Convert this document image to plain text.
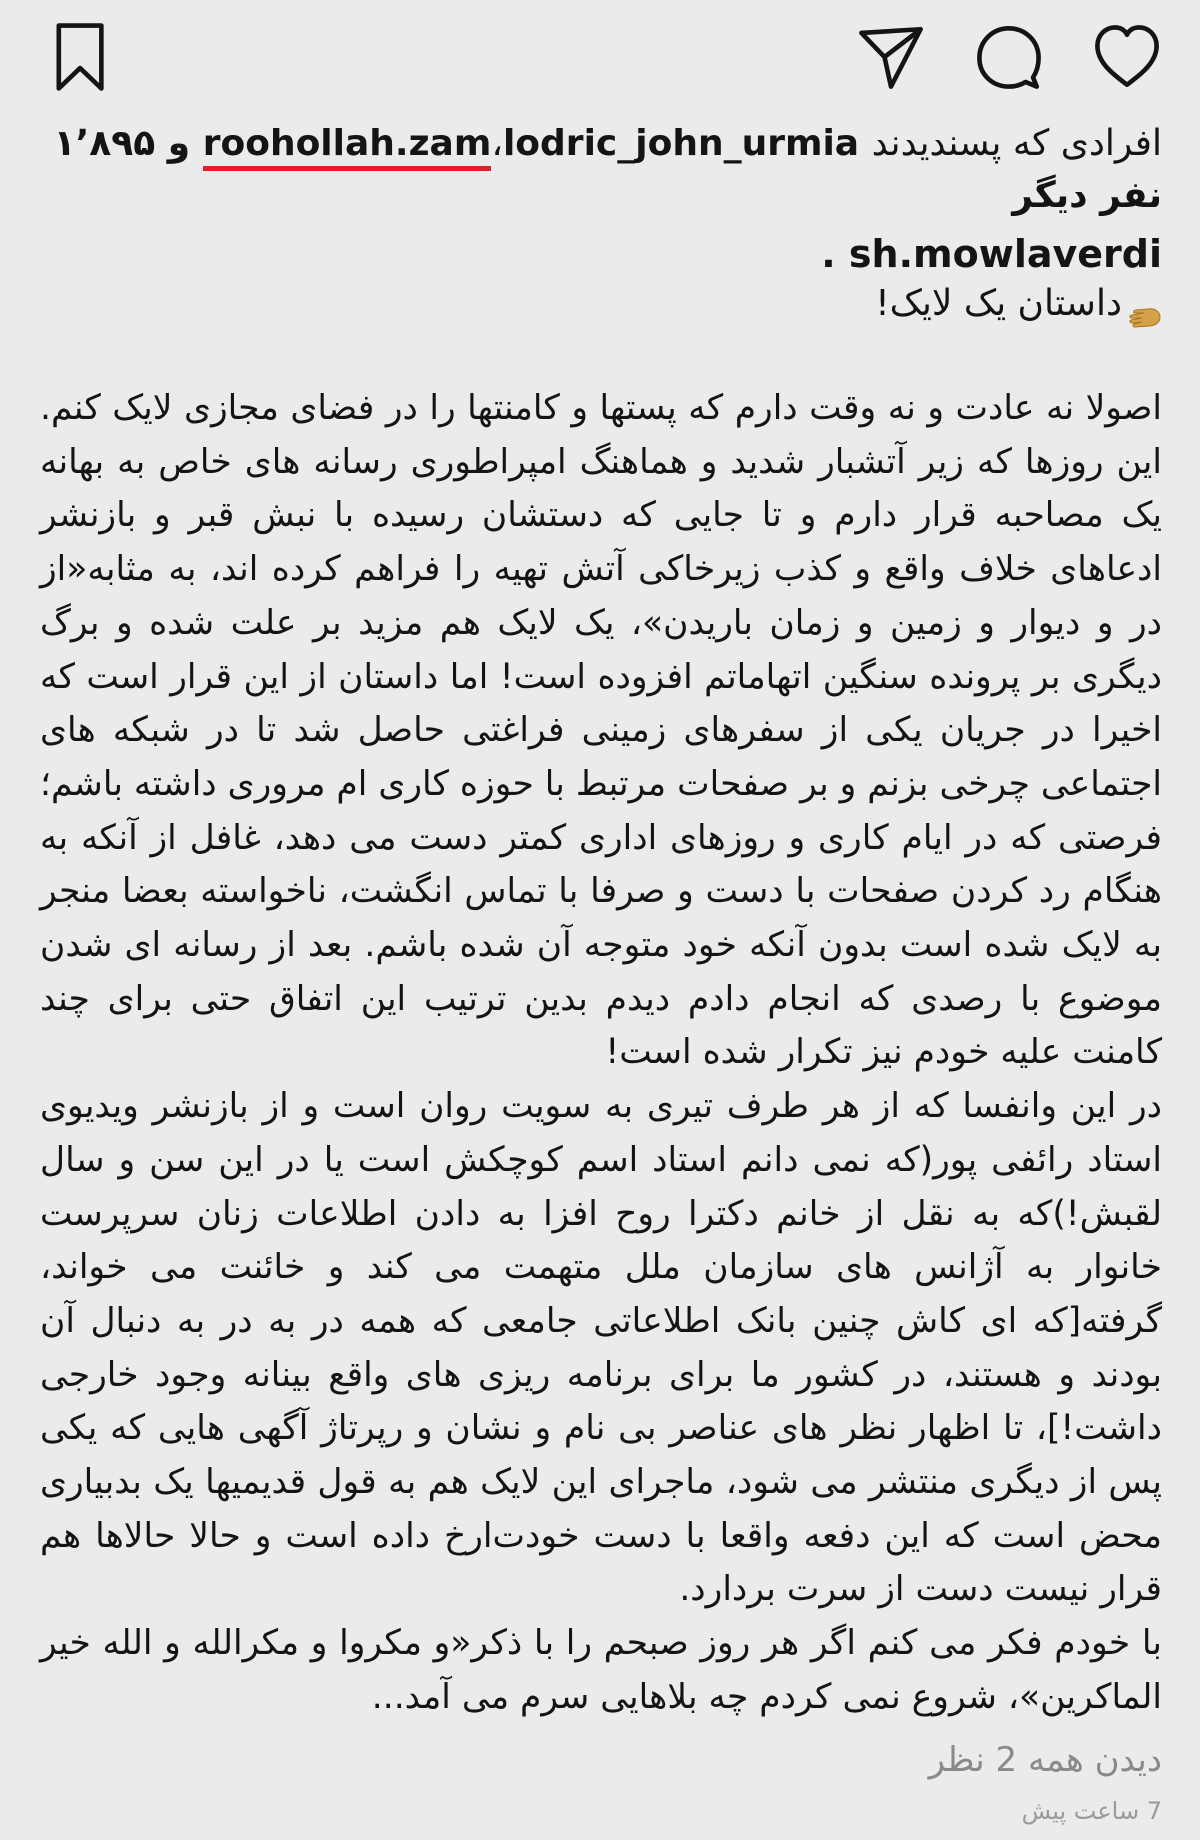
افرادی که پسندیدند lodric_john_urmia،roohollah.zam و ۱٬۸۹۵ نفر دیگر
sh.mowlaverdi .
داستان یک لایک!

اصولا نه عادت و نه وقت دارم که پستها و کامنتها را در فضای مجازی لایک کنم. این روزها که زیر آتشبار شدید و هماهنگ امپراطوری رسانه های خاص به بهانه یک مصاحبه قرار دارم و تا جایی که دستشان رسیده با نبش قبر و بازنشر ادعاهای خلاف واقع و کذب زیرخاکی آتش تهیه را فراهم کرده اند، به مثابه«از در و دیوار و زمین و زمان باریدن»، یک لایک هم مزید بر علت شده و برگ دیگری بر پرونده سنگین اتهاماتم افزوده است! اما داستان از این قرار است که اخیرا در جریان یکی از سفرهای زمینی فراغتی حاصل شد تا در شبکه های اجتماعی چرخی بزنم و بر صفحات مرتبط با حوزه کاری ام مروری داشته باشم؛ فرصتی که در ایام کاری و روزهای اداری کمتر دست می دهد، غافل از آنکه به هنگام رد کردن صفحات با دست و صرفا با تماس انگشت، ناخواسته بعضا منجر به لایک شده است بدون آنکه خود متوجه آن شده باشم. بعد از رسانه ای شدن موضوع با رصدی که انجام دادم دیدم بدین ترتیب این اتفاق حتی برای چند کامنت علیه خودم نیز تکرار شده است!

در این وانفسا که از هر طرف تیری به سویت روان است و از بازنشر ویدیوی استاد رائفی پور(که نمی دانم استاد اسم کوچکش است یا در این سن و سال لقبش!)که به نقل از خانم دکترا روح افزا به دادن اطلاعات زنان سرپرست خانوار به آژانس های سازمان ملل متهمت می کند و خائنت می خواند، گرفته[که ای کاش چنین بانک اطلاعاتی جامعی که همه در به در به دنبال آن بودند و هستند، در کشور ما برای برنامه ریزی های واقع بینانه وجود خارجی داشت!]، تا اظهار نظر های عناصر بی نام و نشان و رپرتاژ آگهی هایی که یکی پس از دیگری منتشر می شود، ماجرای این لایک هم به قول قدیمیها یک بدبیاری محض است که این دفعه واقعا با دست خودت‌ارخ داده است و حالا حالاها هم قرار نیست دست از سرت بردارد.

با خودم فکر می کنم اگر هر روز صبحم را با ذکر«و مکروا و مکرالله و الله خیر الماکرین»، شروع نمی کردم چه بلاهایی سرم می آمد...

دیدن همه 2 نظر
7 ساعت پیش
